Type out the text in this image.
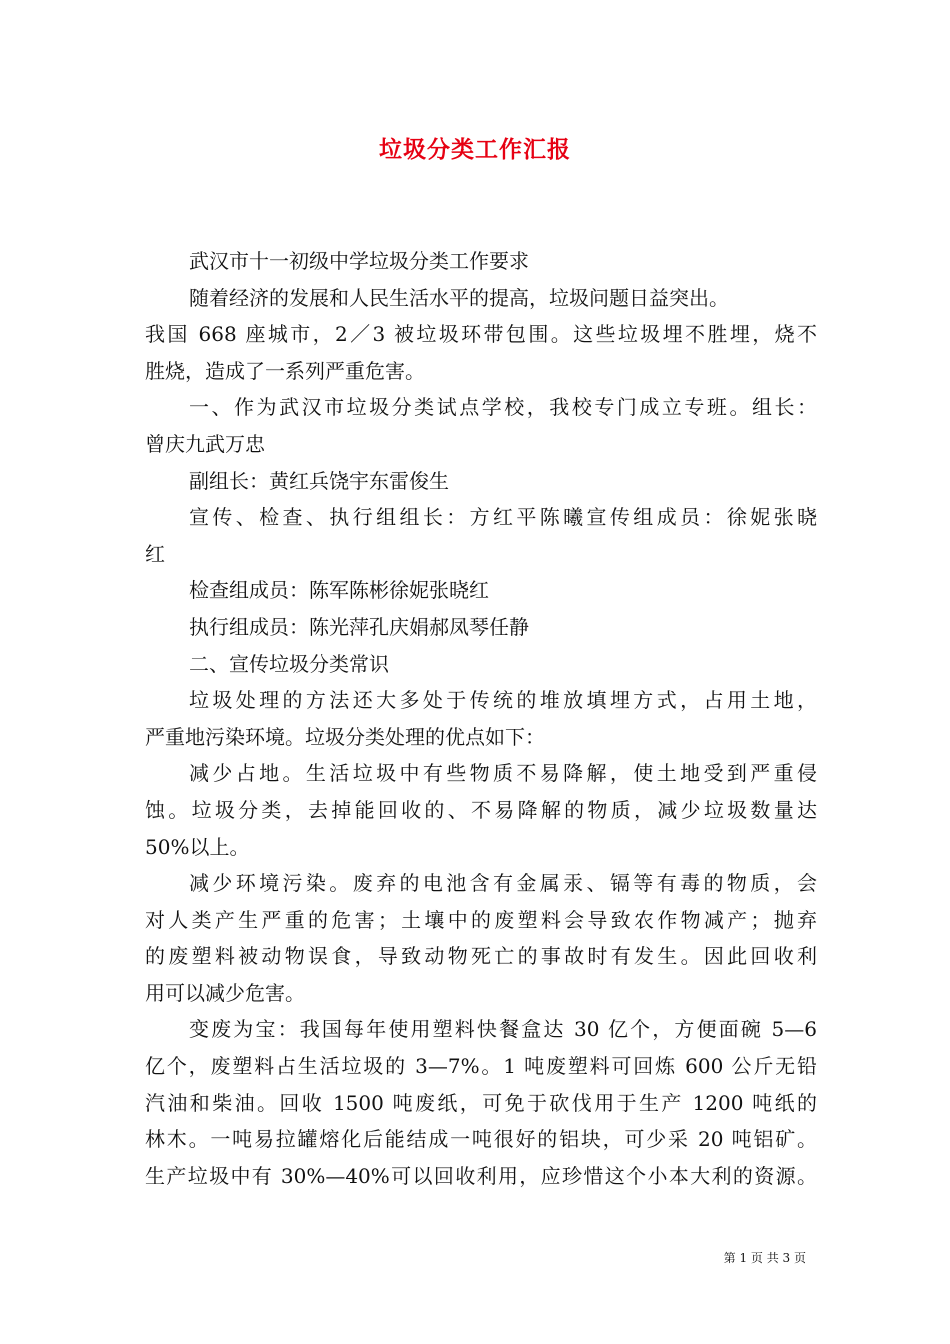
垃圾分类工作汇报
武汉市十一初级中学垃圾分类工作要求
随着经济的发展和人民生活水平的提高，垃圾问题日益突出。
我国 668 座城市，2／3 被垃圾环带包围。这些垃圾埋不胜埋，烧不
胜烧，造成了一系列严重危害。
一、作为武汉市垃圾分类试点学校，我校专门成立专班。组长：
曾庆九武万忠
副组长：黄红兵饶宇东雷俊生
宣传、检查、执行组组长：方红平陈曦宣传组成员：徐妮张晓
红
检查组成员：陈军陈彬徐妮张晓红
执行组成员：陈光萍孔庆娟郝凤琴任静
二、宣传垃圾分类常识
垃圾处理的方法还大多处于传统的堆放填埋方式，占用土地，
严重地污染环境。垃圾分类处理的优点如下：
减少占地。生活垃圾中有些物质不易降解，使土地受到严重侵
蚀。垃圾分类，去掉能回收的、不易降解的物质，减少垃圾数量达
50%以上。
减少环境污染。废弃的电池含有金属汞、镉等有毒的物质，会
对人类产生严重的危害；土壤中的废塑料会导致农作物减产；抛弃
的废塑料被动物误食，导致动物死亡的事故时有发生。因此回收利
用可以减少危害。
变废为宝：我国每年使用塑料快餐盒达 30 亿个，方便面碗 5—6
亿个，废塑料占生活垃圾的 3—7%。1 吨废塑料可回炼 600 公斤无铅
汽油和柴油。回收 1500 吨废纸，可免于砍伐用于生产 1200 吨纸的
林木。一吨易拉罐熔化后能结成一吨很好的铝块，可少采 20 吨铝矿。
生产垃圾中有 30%—40%可以回收利用，应珍惜这个小本大利的资源。
第 1 页 共 3 页
